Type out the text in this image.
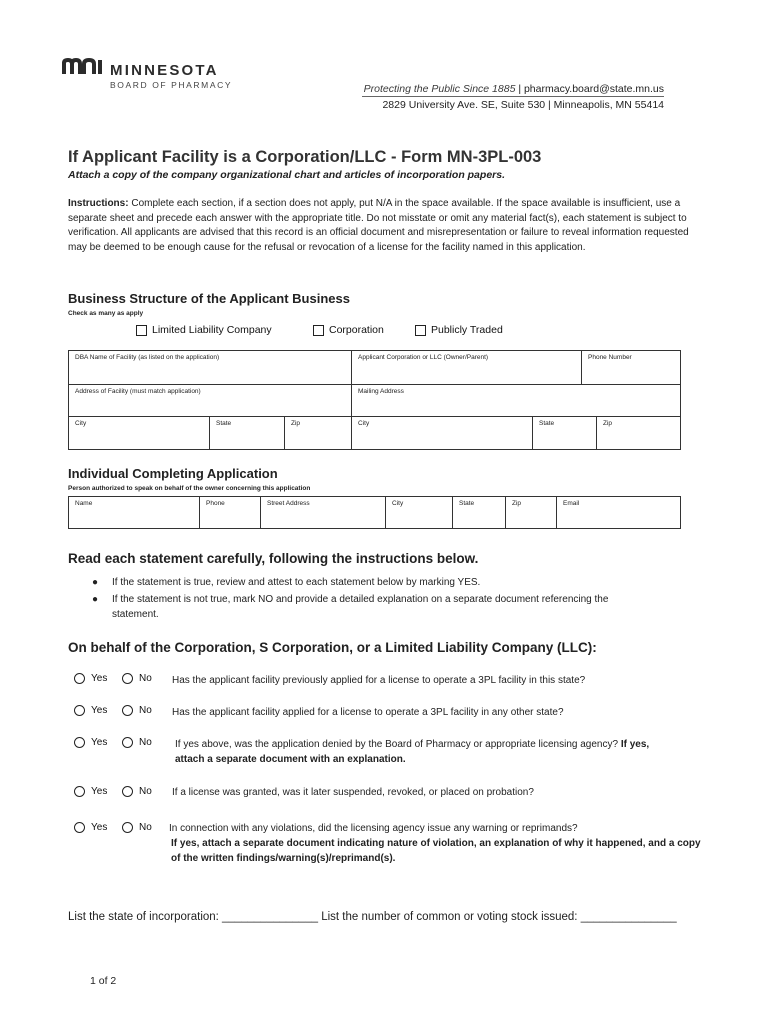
MINNESOTA
BOARD OF PHARMACY	Protecting the Public Since 1885 | pharmacy.board@state.mn.us
2829 University Ave. SE, Suite 530 | Minneapolis, MN 55414
If Applicant Facility is a Corporation/LLC - Form MN-3PL-003
Attach a copy of the company organizational chart and articles of incorporation papers.
Instructions: Complete each section, if a section does not apply, put N/A in the space available. If the space available is insufficient, use a separate sheet and precede each answer with the appropriate title. Do not misstate or omit any material fact(s), each statement is subject to verification. All applicants are advised that this record is an official document and misrepresentation or failure to reveal information requested may be deemed to be enough cause for the refusal or revocation of a license for the facility named in this application.
Business Structure of the Applicant Business
Check as many as apply
Limited Liability Company	Corporation	Publicly Traded
DBA Name of Facility (as listed on the application)	Applicant Corporation or LLC (Owner/Parent)	Phone Number
Address of Facility (must match application)	Mailing Address
City	State	Zip	City	State	Zip
Individual Completing Application
Person authorized to speak on behalf of the owner concerning this application
Name	Phone	Street Address	City	State	Zip	Email
Read each statement carefully, following the instructions below.
● If the statement is true, review and attest to each statement below by marking YES.
● If the statement is not true, mark NO and provide a detailed explanation on a separate document referencing the statement.
On behalf of the Corporation, S Corporation, or a Limited Liability Company (LLC):
Yes	No Has the applicant facility previously applied for a license to operate a 3PL facility in this state?
Yes	No Has the applicant facility applied for a license to operate a 3PL facility in any other state?
Yes	No If yes above, was the application denied by the Board of Pharmacy or appropriate licensing agency? If yes, attach a separate document with an explanation.
Yes	No If a license was granted, was it later suspended, revoked, or placed on probation?
Yes	No In connection with any violations, did the licensing agency issue any warning or reprimands?
If yes, attach a separate document indicating nature of violation, an explanation of why it happened, and a copy of the written findings/warning(s)/reprimand(s).
List the state of incorporation: _______________ List the number of common or voting stock issued: _______________
1 of 2
